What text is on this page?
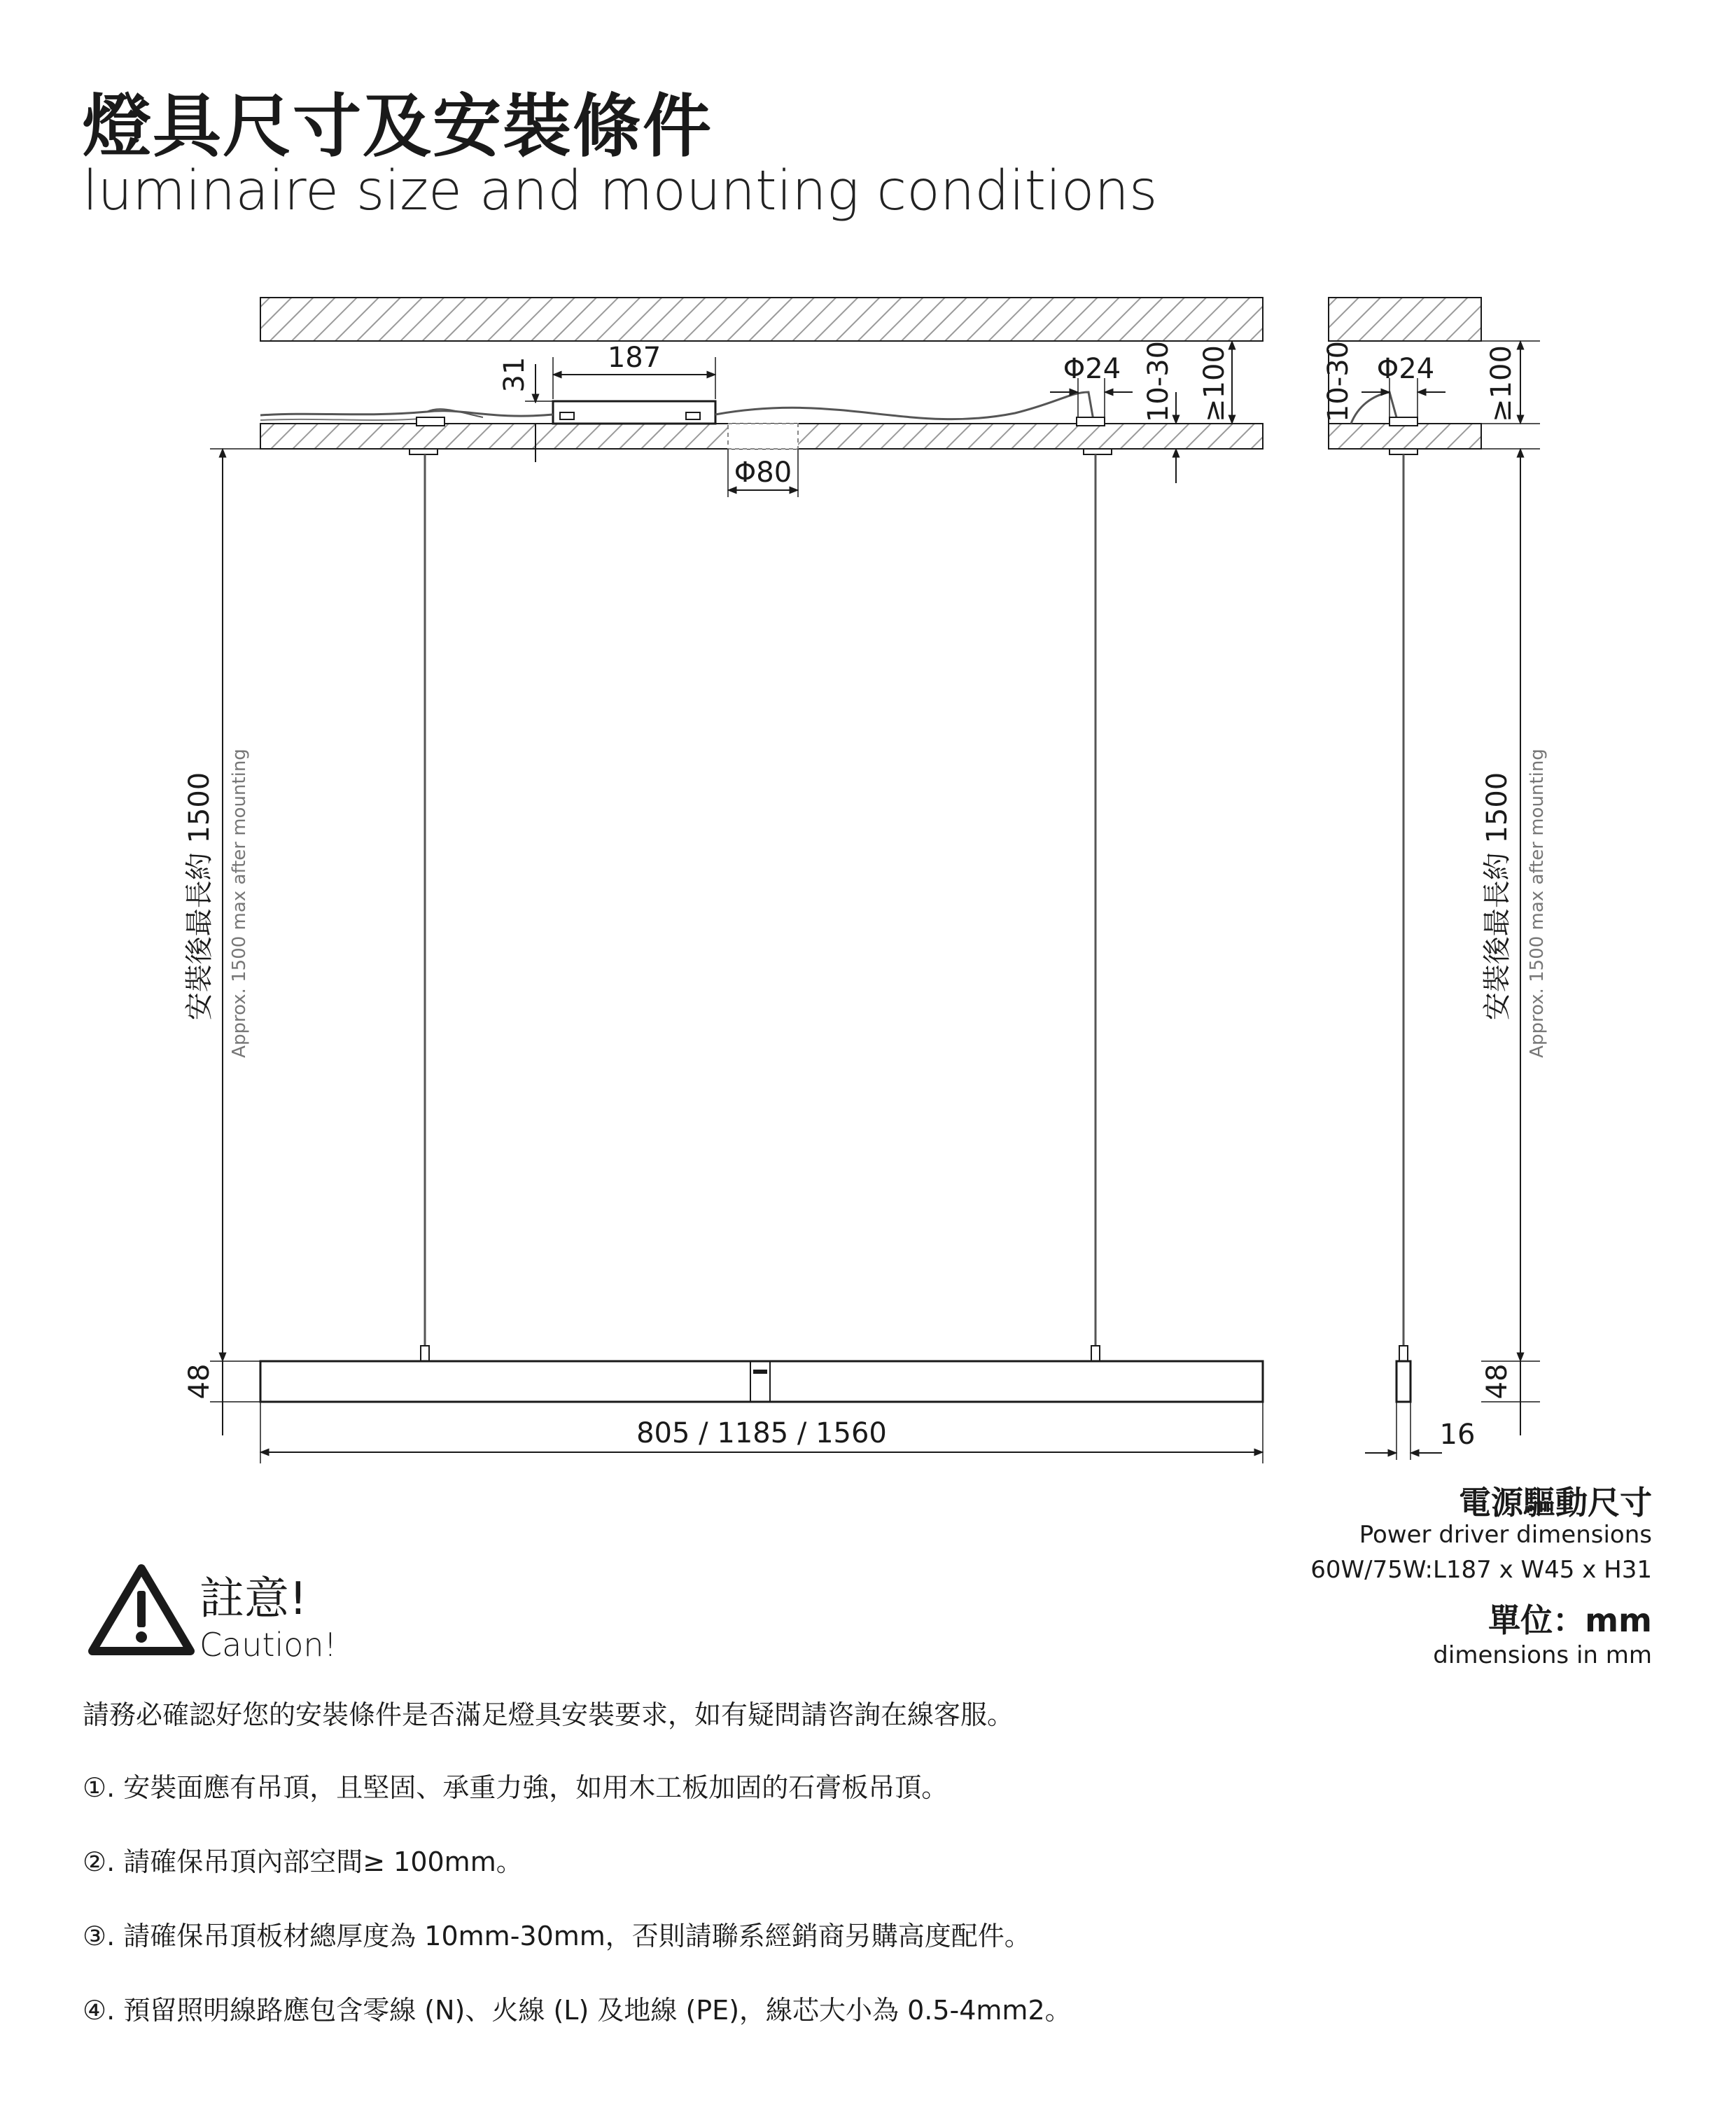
燈具尺寸及安裝條件
luminaire size and mounting conditions
31	187	Φ24 10-30 ≥100
Φ80
安裝後最長約 1500 Approx. 1500 max after mounting
48
805 / 1185 / 1560
10-30 Φ24 ≥100
安裝後最長約 1500 Approx. 1500 max after mounting
48
16
電源驅動尺寸
Power driver dimensions
60W/75W:L187 x W45 x H31
單位：mm
dimensions in mm
註意!
Caution!
請務必確認好您的安裝條件是否滿足燈具安裝要求，如有疑問請咨詢在線客服。
①. 安裝面應有吊頂，且堅固、承重力強，如用木工板加固的石膏板吊頂。
②. 請確保吊頂內部空間≥ 100mm。
③. 請確保吊頂板材總厚度為 10mm-30mm，否則請聯系經銷商另購高度配件。
④. 預留照明線路應包含零線 (N)、火線 (L) 及地線 (PE)，線芯大小為 0.5-4mm2。
